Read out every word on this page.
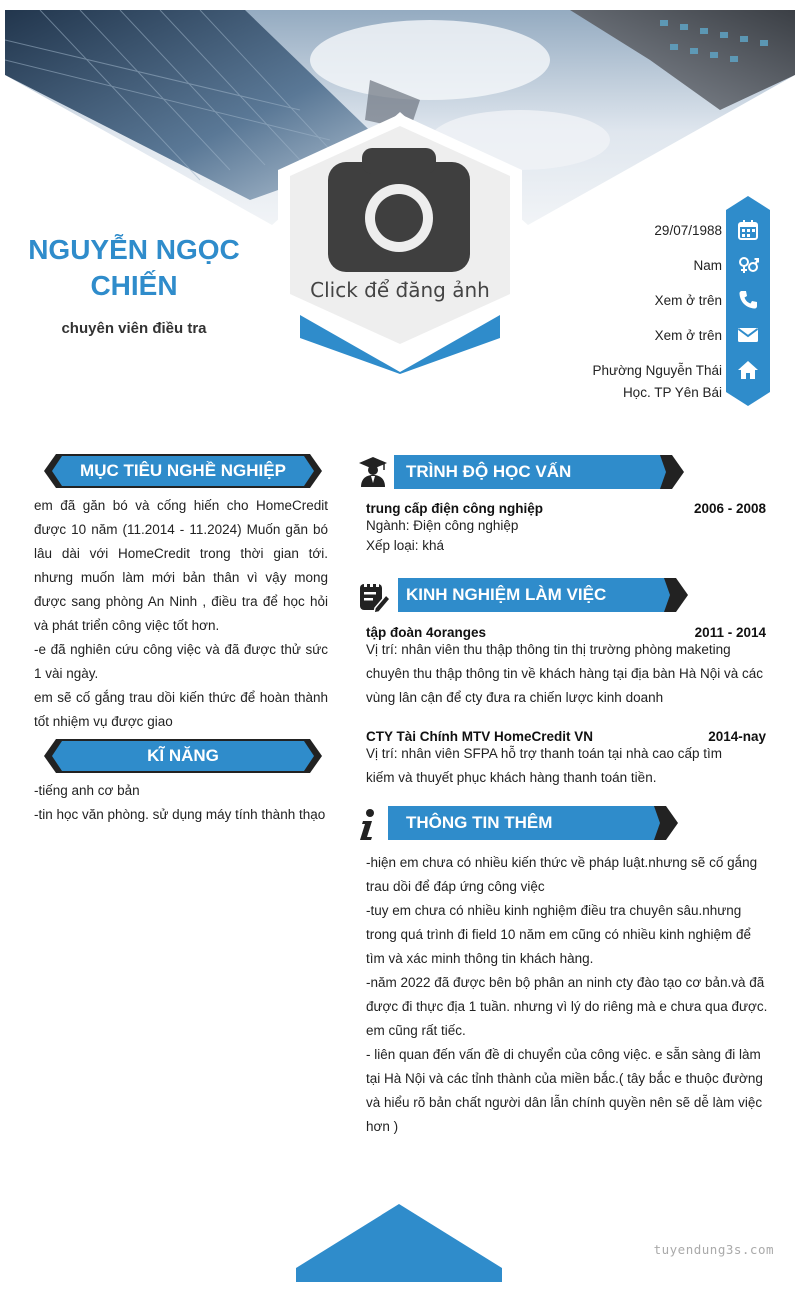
Click để đăng ảnh
NGUYỄN NGỌC
CHIẾN
chuyên viên điều tra
29/07/1988
Nam
Xem ở trên
Xem ở trên
Phường Nguyễn Thái
Học. TP Yên Bái
MỤC TIÊU NGHỀ NGHIỆP
em đã găn bó và cống hiến cho HomeCredit được 10 năm (11.2014 - 11.2024) Muốn găn bó lâu dài với HomeCredit trong thời gian tới. nhưng muốn làm mới bản thân vì vậy mong được sang phòng An Ninh , điều tra để học hỏi và phát triển công việc tốt hơn.
-e đã nghiên cứu công việc và đã được thử sức 1 vài ngày.
em sẽ cố gắng trau dồi kiến thức để hoàn thành tốt nhiệm vụ được giao
KĨ NĂNG
-tiếng anh cơ bản
-tin học văn phòng. sử dụng máy tính thành thạo
TRÌNH ĐỘ HỌC VẤN
trung cấp điện công nghiệp	2006 - 2008
Ngành: Điện công nghiệp
Xếp loại: khá
KINH NGHIỆM LÀM VIỆC
tập đoàn 4oranges	2011 - 2014
Vị trí: nhân viên thu thập thông tin thị trường phòng maketing chuyên thu thập thông tin về khách hàng tại địa bàn Hà Nội và các vùng lân cận để cty đưa ra chiến lược kinh doanh
CTY Tài Chính MTV HomeCredit VN	2014-nay
Vị trí: nhân viên SFPA hỗ trợ thanh toán tại nhà cao cấp tìm kiếm và thuyết phục khách hàng thanh toán tiền.
THÔNG TIN THÊM
-hiện em chưa có nhiều kiến thức về pháp luật.nhưng sẽ cố gắng trau dồi để đáp ứng công việc
-tuy em chưa có nhiều kinh nghiệm điều tra chuyên sâu.nhưng trong quá trình đi field 10 năm em cũng có nhiều kinh nghiệm để tìm và xác minh thông tin khách hàng.
-năm 2022 đã được bên bộ phân an ninh cty đào tạo cơ bản.và đã được đi thực địa 1 tuần. nhưng vì lý do riêng mà e chưa qua được. em cũng rất tiếc.
- liên quan đến vấn đề di chuyển của công việc. e sẵn sàng đi làm tại Hà Nội và các tỉnh thành của miền bắc.( tây bắc e thuộc đường và hiểu rõ bản chất người dân lẫn chính quyền nên sẽ dễ làm việc hơn )
tuyendung3s.com
